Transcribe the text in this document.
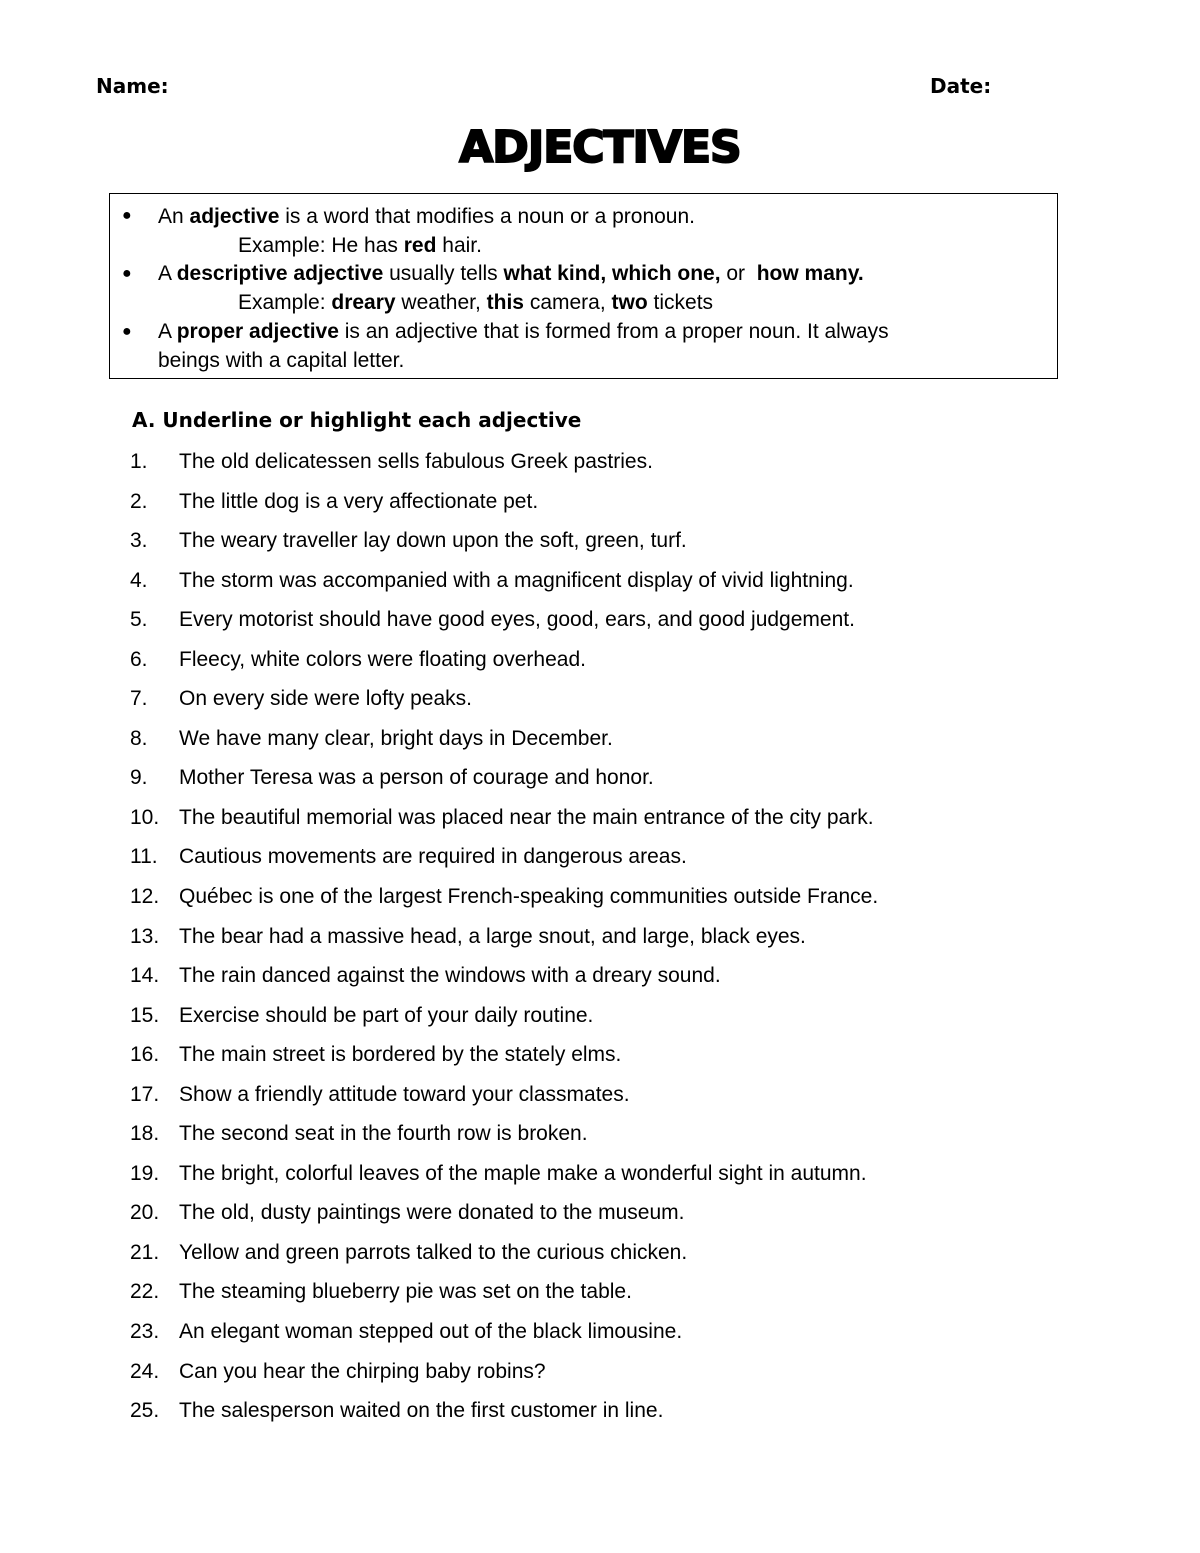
Name:	Date:
ADJECTIVES
● An adjective is a word that modifies a noun or a pronoun.
Example: He has red hair.
● A descriptive adjective usually tells what kind, which one, or  how many.
Example: dreary weather, this camera, two tickets
● A proper adjective is an adjective that is formed from a proper noun. It always
beings with a capital letter.
A. Underline or highlight each adjective
1.	The old delicatessen sells fabulous Greek pastries.
2.	The little dog is a very affectionate pet.
3.	The weary traveller lay down upon the soft, green, turf.
4.	The storm was accompanied with a magnificent display of vivid lightning.
5.	Every motorist should have good eyes, good, ears, and good judgement.
6.	Fleecy, white colors were floating overhead.
7.	On every side were lofty peaks.
8.	We have many clear, bright days in December.
9.	Mother Teresa was a person of courage and honor.
10. The beautiful memorial was placed near the main entrance of the city park.
11.	Cautious movements are required in dangerous areas.
12. Québec is one of the largest French-speaking communities outside France.
13. The bear had a massive head, a large snout, and large, black eyes.
14. The rain danced against the windows with a dreary sound.
15. Exercise should be part of your daily routine.
16. The main street is bordered by the stately elms.
17. Show a friendly attitude toward your classmates.
18. The second seat in the fourth row is broken.
19. The bright, colorful leaves of the maple make a wonderful sight in autumn.
20. The old, dusty paintings were donated to the museum.
21. Yellow and green parrots talked to the curious chicken.
22. The steaming blueberry pie was set on the table.
23. An elegant woman stepped out of the black limousine.
24. Can you hear the chirping baby robins?
25. The salesperson waited on the first customer in line.
